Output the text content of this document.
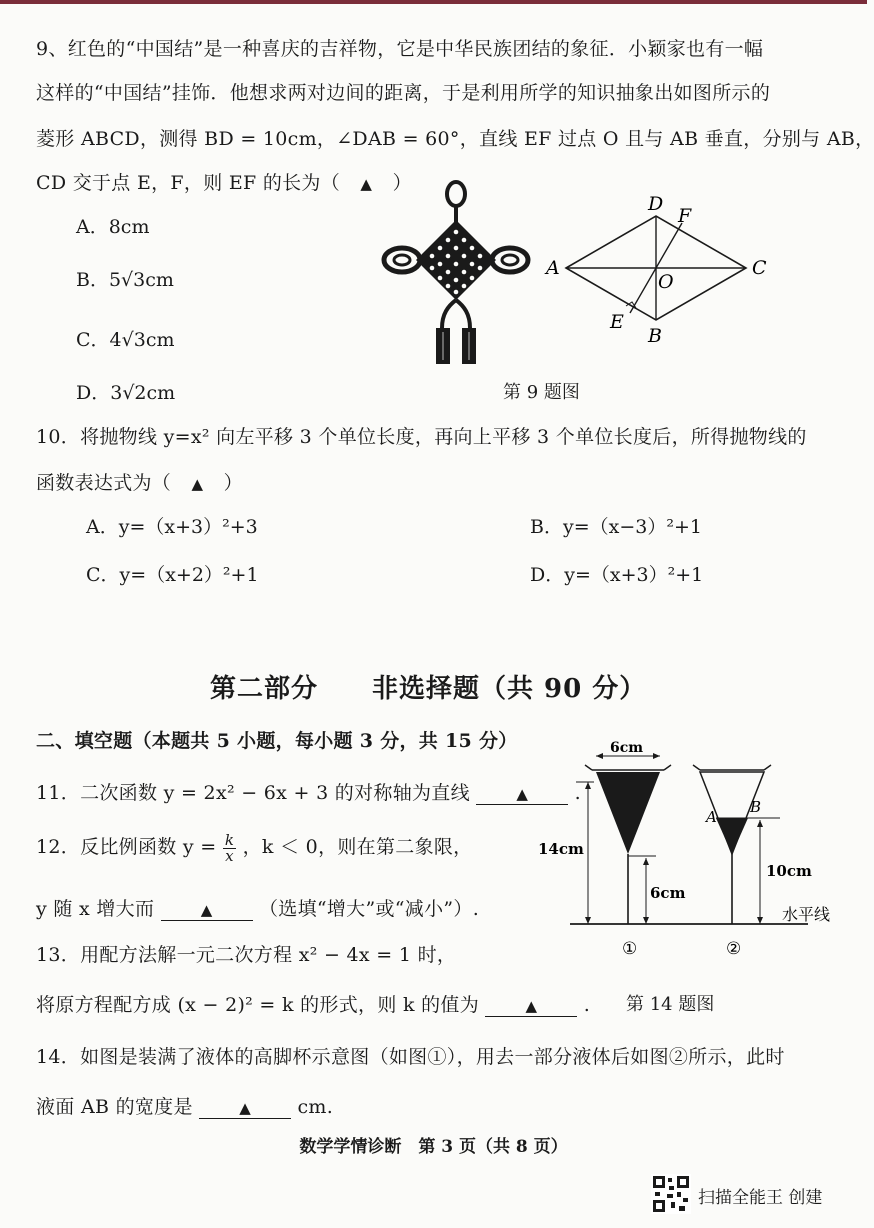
9、红色的“中国结”是一种喜庆的吉祥物，它是中华民族团结的象征．小颖家也有一幅
这样的“中国结”挂饰．他想求两对边间的距离，于是利用所学的知识抽象出如图所示的
菱形 ABCD，测得 BD = 10cm，∠DAB = 60°，直线 EF 过点 O 且与 AB 垂直，分别与 AB，
CD 交于点 E，F，则 EF 的长为（ ▲ ）
A．8cm
B．5√3cm
C．4√3cm
D．3√2cm
A
D
F
C
O
E
B
第 9 题图
10．将抛物线 y=x² 向左平移 3 个单位长度，再向上平移 3 个单位长度后，所得抛物线的
函数表达式为（ ▲ ）
A．y=（x+3）²+3	B．y=（x−3）²+1
C．y=（x+2）²+1	D．y=（x+3）²+1
第二部分　　非选择题（共 90 分）
二、填空题（本题共 5 小题，每小题 3 分，共 15 分）
11．二次函数 y = 2x² − 6x + 3 的对称轴为直线	▲ .
12．反比例函数 $y = \frac{k}{x}$ ，k ＜ 0，则在第二象限，
y 随 x 增大而	▲ （选填“增大”或“减小”）.
13．用配方法解一元二次方程 x² − 4x = 1 时，
将原方程配方成 (x − 2)² = k 的形式，则 k 的值为	▲ .
水平线
6cm
14cm
6cm
A
B
10cm
①	②
第 14 题图
14．如图是装满了液体的高脚杯示意图（如图①），用去一部分液体后如图②所示，此时
液面 AB 的宽度是	▲ cm.
数学学情诊断　第 3 页（共 8 页）
扫描全能王 创建
